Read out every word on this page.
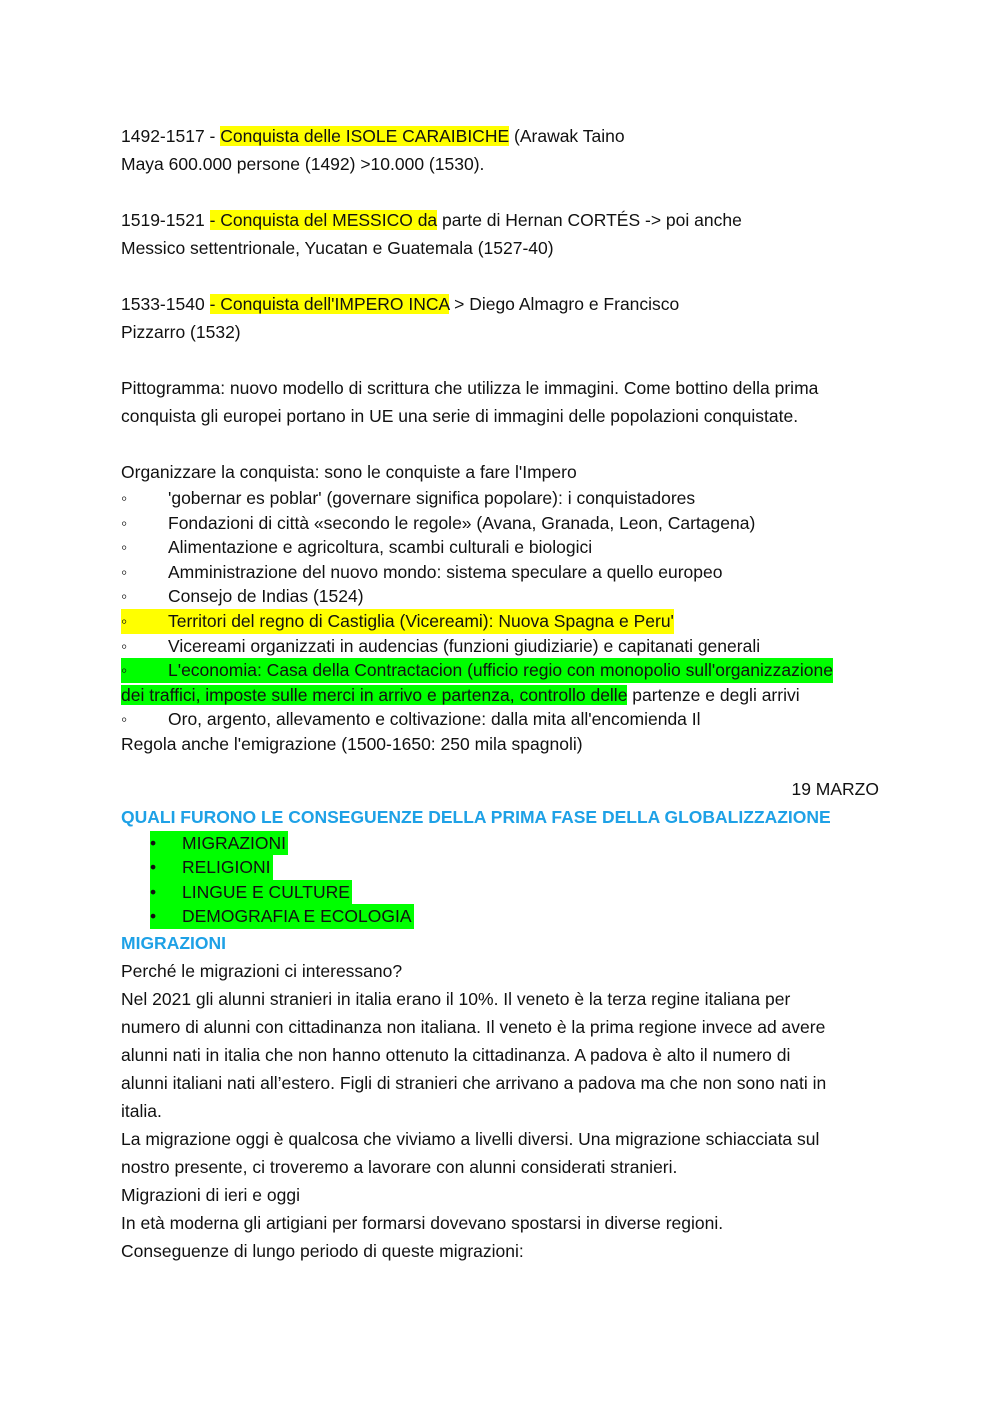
1492-1517 - Conquista delle ISOLE CARAIBICHE (Arawak Taino
Maya 600.000 persone (1492) >10.000 (1530).
1519-1521 - Conquista del MESSICO da parte di Hernan CORTÉS -> poi anche
Messico settentrionale, Yucatan e Guatemala (1527-40)
1533-1540 - Conquista dell'IMPERO INCA > Diego Almagro e Francisco
Pizzarro (1532)
Pittogramma: nuovo modello di scrittura che utilizza le immagini. Come bottino della prima
conquista gli europei portano in UE una serie di immagini delle popolazioni conquistate.
Organizzare la conquista: sono le conquiste a fare l'Impero
◦	'gobernar es poblar' (governare significa popolare): i conquistadores
◦	Fondazioni di città «secondo le regole» (Avana, Granada, Leon, Cartagena)
◦	Alimentazione e agricoltura, scambi culturali e biologici
◦	Amministrazione del nuovo mondo: sistema speculare a quello europeo
◦	Consejo de Indias (1524)
◦	Territori del regno di Castiglia (Vicereami): Nuova Spagna e Peru'
◦	Vicereami organizzati in audencias (funzioni giudiziarie) e capitanati generali
◦	L'economia: Casa della Contractacion (ufficio regio con monopolio sull'organizzazione
dei traffici, imposte sulle merci in arrivo e partenza, controllo delle partenze e degli arrivi
◦	Oro, argento, allevamento e coltivazione: dalla mita all'encomienda Il
Regola anche l'emigrazione (1500-1650: 250 mila spagnoli)
19 MARZO
QUALI FURONO LE CONSEGUENZE DELLA PRIMA FASE DELLA GLOBALIZZAZIONE
• MIGRAZIONI
• RELIGIONI
• LINGUE E CULTURE
• DEMOGRAFIA E ECOLOGIA
MIGRAZIONI
Perché le migrazioni ci interessano?
Nel 2021 gli alunni stranieri in italia erano il 10%. Il veneto è la terza regine italiana per
numero di alunni con cittadinanza non italiana. Il veneto è la prima regione invece ad avere
alunni nati in italia che non hanno ottenuto la cittadinanza. A padova è alto il numero di
alunni italiani nati all’estero. Figli di stranieri che arrivano a padova ma che non sono nati in
italia.
La migrazione oggi è qualcosa che viviamo a livelli diversi. Una migrazione schiacciata sul
nostro presente, ci troveremo a lavorare con alunni considerati stranieri.
Migrazioni di ieri e oggi
In età moderna gli artigiani per formarsi dovevano spostarsi in diverse regioni.
Conseguenze di lungo periodo di queste migrazioni:
